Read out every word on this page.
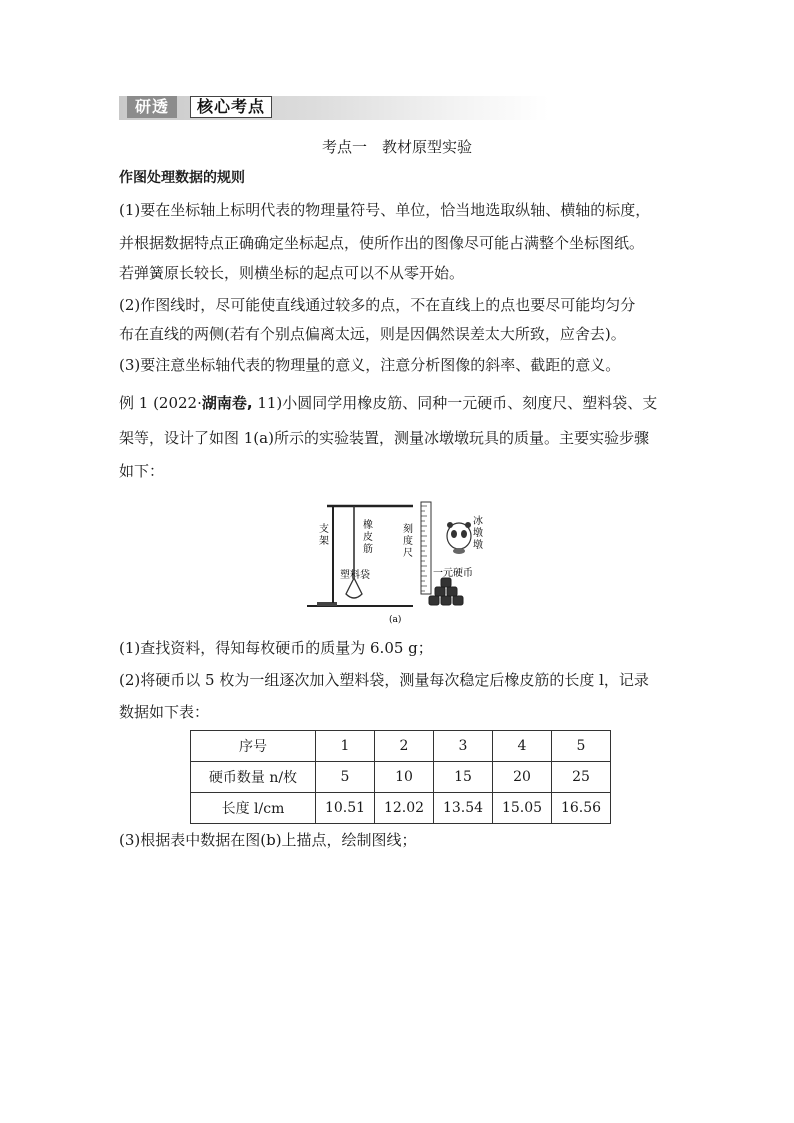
研透	核心考点
考点一　教材原型实验
作图处理数据的规则
(1)要在坐标轴上标明代表的物理量符号、单位，恰当地选取纵轴、横轴的标度，
并根据数据特点正确确定坐标起点，使所作出的图像尽可能占满整个坐标图纸。
若弹簧原长较长，则横坐标的起点可以不从零开始。
(2)作图线时，尽可能使直线通过较多的点，不在直线上的点也要尽可能均匀分
布在直线的两侧(若有个别点偏离太远，则是因偶然误差太大所致，应舍去)。
(3)要注意坐标轴代表的物理量的意义，注意分析图像的斜率、截距的意义。
例 1 (2022·湖南卷, 11)小圆同学用橡皮筋、同种一元硬币、刻度尺、塑料袋、支
架等，设计了如图 1(a)所示的实验装置，测量冰墩墩玩具的质量。主要实验步骤
如下：
支 架
橡 皮 筋
塑料袋
刻 度 尺
冰 墩 墩
一元硬币
(a)
(1)查找资料，得知每枚硬币的质量为 6.05 g；
(2)将硬币以 5 枚为一组逐次加入塑料袋，测量每次稳定后橡皮筋的长度 l，记录
数据如下表：
序号	1	2	3	4	5
硬币数量 n/枚	5	10	15	20	25
长度 l/cm	10.51	12.02	13.54	15.05	16.56
(3)根据表中数据在图(b)上描点，绘制图线；
